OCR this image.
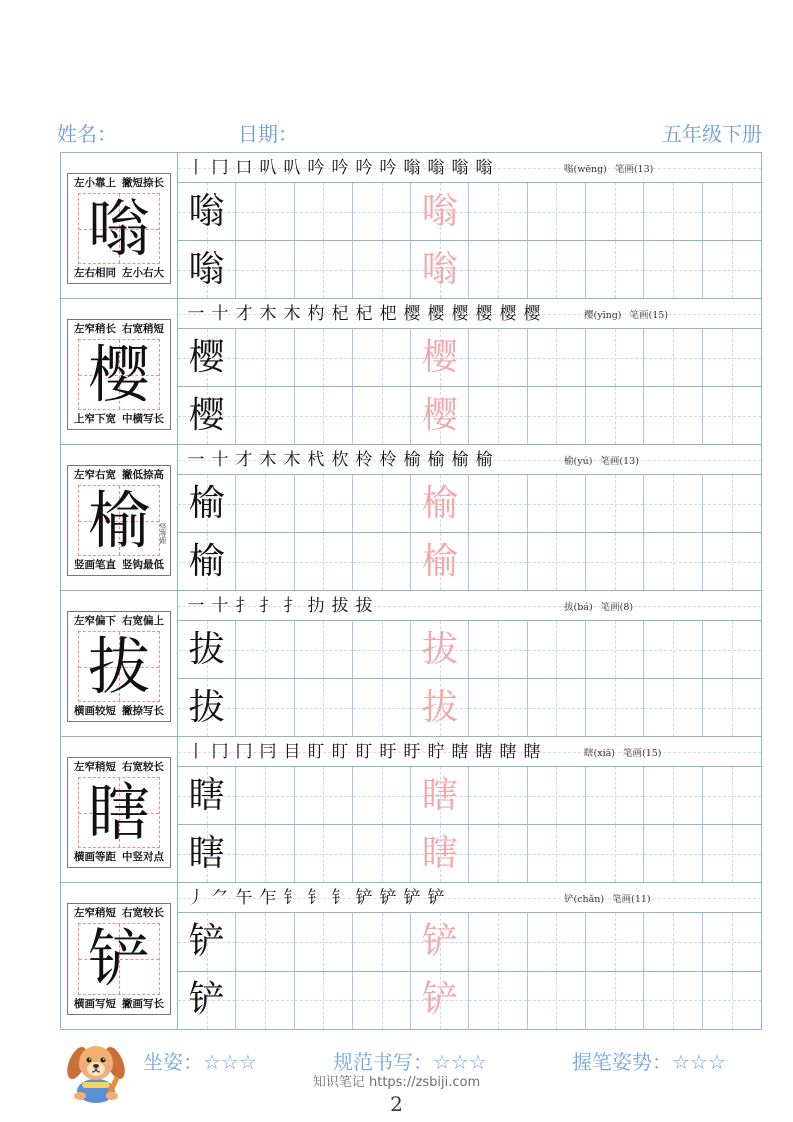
姓名：	日期：	五年级下册
左小靠上 撇短捺长
嗡
左右相同 左小右大
丨 冂 口 叭 叭 吟 吟 吟 吟 嗡 嗡 嗡 嗡	嗡(wēng) 笔画(13)
嗡	嗡
嗡	嗡
左窄稍长 右宽稍短
樱
上窄下宽 中横写长
一 十 才 木 木 杓 杞 杞 杷 樱 樱 樱 樱 樱 樱	樱(yīng) 笔画(15)
樱	樱
樱	樱
左窄右宽 撇低捺高
榆	竖等距
竖画笔直 竖钩最低
一 十 才 木 木 杙 杴 柃 柃 榆 榆 榆 榆	榆(yú) 笔画(13)
榆	榆
榆	榆
左窄偏下 右宽偏上
拔
横画较短 撇捺写长
一 十 扌 扌 扌 扐 拔 拔	拔(bá) 笔画(8)
拔	拔
拔	拔
左窄稍短 右宽较长
瞎
横画等距 中竖对点
丨 冂 冂 冃 目 盯 盯 盯 盱 盱 眝 瞎 瞎 瞎 瞎	瞎(xiā) 笔画(15)
瞎	瞎
瞎	瞎
左窄稍短 右宽较长
铲
横画写短 撇画写长
丿 ⺈ 午 乍 钅 钅 钅 铲 铲 铲 铲	铲(chǎn) 笔画(11)
铲	铲
铲	铲
坐姿：☆☆☆	规范书写：☆☆☆	握笔姿势：☆☆☆
知识笔记 https://zsbiji.com
2
